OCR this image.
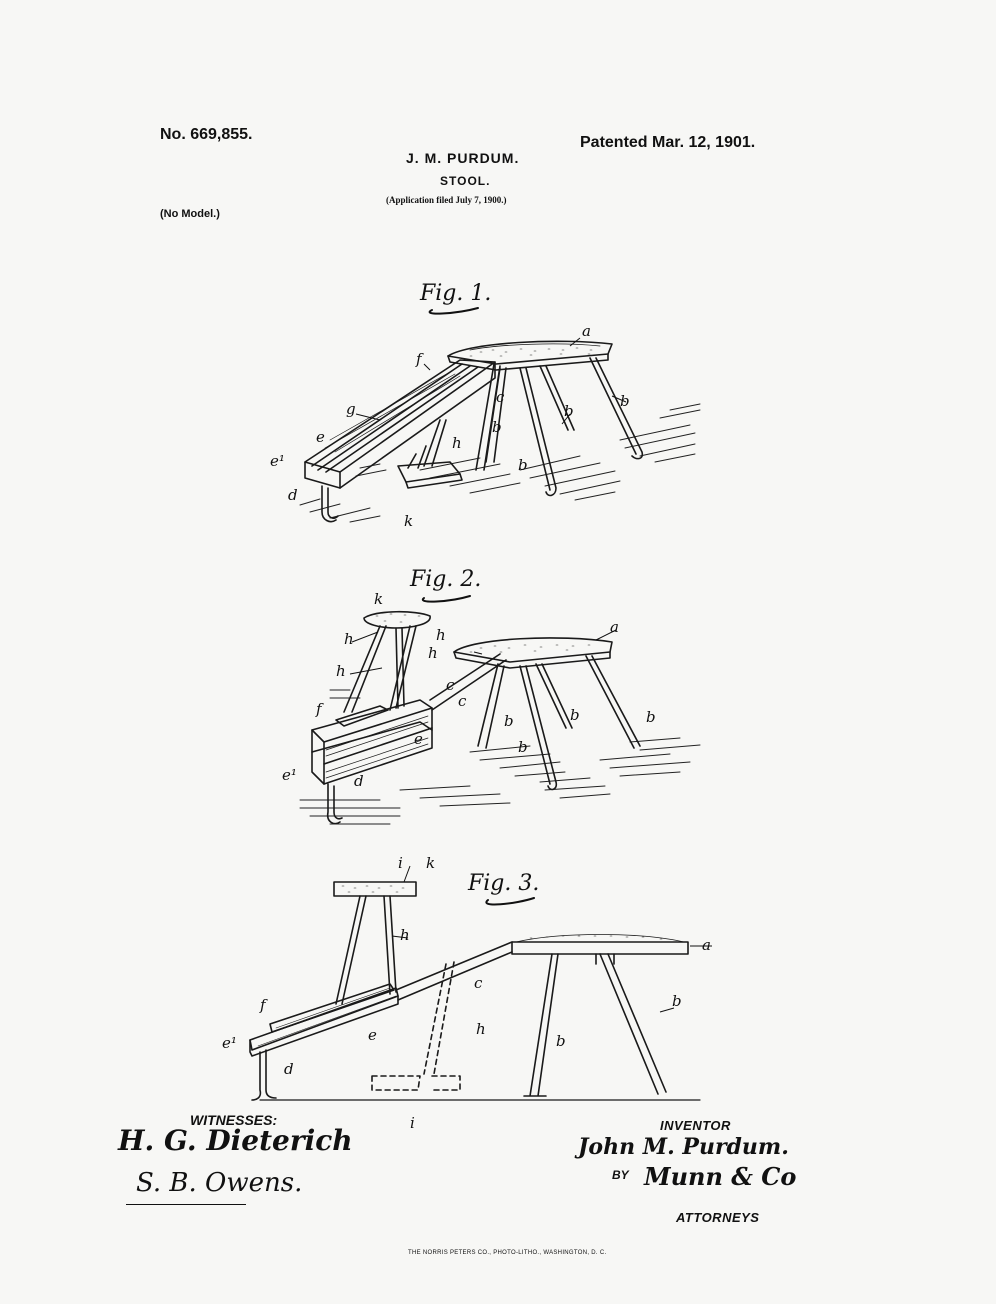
No. 669,855.	Patented Mar. 12, 1901.
J. M. PURDUM.
STOOL.
(Application filed July 7, 1900.)
(No Model.)
Fig. 1.
Fig. 2.
Fig. 3.
a
f
g
c	b
b
b
b
h
e
e¹
d
k
k
a
h	h
h
h
c
c
f
b	b	b
b
e
e¹	d
i k
a
h
c
b
f
e	h
b
e¹
d
i
WITNESSES:
H. G. Dieterich
S. B. Owens.
INVENTOR
John M. Purdum.
BY Munn & Co
ATTORNEYS
THE NORRIS PETERS CO., PHOTO-LITHO., WASHINGTON, D. C.
